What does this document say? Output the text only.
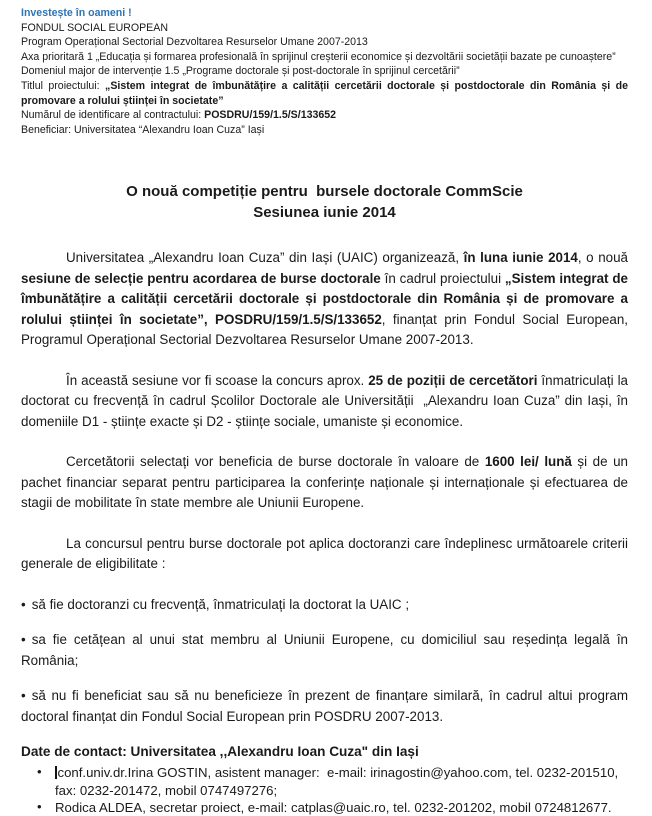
Investește în oameni !

FONDUL SOCIAL EUROPEAN

Program Operațional Sectorial Dezvoltarea Resurselor Umane 2007-2013

Axa prioritară 1 „Educația și formarea profesională în sprijinul creșterii economice și dezvoltării societății bazate pe cunoaștere”

Domeniul major de intervenție 1.5 „Programe doctorale și post-doctorale în sprijinul cercetării”

Titlul proiectului: „Sistem integrat de îmbunătățire a calității cercetării doctorale și postdoctorale din România și de promovare a rolului științei în societate”

Numărul de identificare al contractului: POSDRU/159/1.5/S/133652

Beneficiar: Universitatea “Alexandru Ioan Cuza” Iași

O nouă competiție pentru  bursele doctorale CommScie
Sesiunea iunie 2014

Universitatea „Alexandru Ioan Cuza” din Iași (UAIC) organizează, în luna iunie 2014, o nouă sesiune de selecție pentru acordarea de burse doctorale în cadrul proiectului „Sistem integrat de îmbunătățire a calității cercetării doctorale și postdoctorale din România și de promovare a rolului științei în societate”, POSDRU/159/1.5/S/133652, finanțat prin Fondul Social European, Programul Operațional Sectorial Dezvoltarea Resurselor Umane 2007-2013.

În această sesiune vor fi scoase la concurs aprox. 25 de poziții de cercetători înmatriculați la doctorat cu frecvență în cadrul Școlilor Doctorale ale Universității  „Alexandru Ioan Cuza” din Iași, în domeniile D1 - științe exacte și D2 - științe sociale, umaniste și economice.

Cercetătorii selectați vor beneficia de burse doctorale în valoare de 1600 lei/ lună și de un pachet financiar separat pentru participarea la conferințe naționale și internaționale și efectuarea de stagii de mobilitate în state membre ale Uniunii Europene.

La concursul pentru burse doctorale pot aplica doctoranzi care îndeplinesc următoarele criterii generale de eligibilitate :

• să fie doctoranzi cu frecvență, înmatriculați la doctorat la UAIC ;

• sa fie cetățean al unui stat membru al Uniunii Europene, cu domiciliul sau reședința legală în România;

• să nu fi beneficiat sau să nu beneficieze în prezent de finanțare similară, în cadrul altui program doctoral finanțat din Fondul Social European prin POSDRU 2007-2013.

Date de contact: Universitatea ,,Alexandru Ioan Cuza" din Iași

• conf.univ.dr.Irina GOSTIN, asistent manager:  e-mail: irinagostin@yahoo.com, tel. 0232-201510, fax: 0232-201472, mobil 0747497276;
• Rodica ALDEA, secretar proiect, e-mail: catplas@uaic.ro, tel. 0232-201202, mobil 0724812677.
